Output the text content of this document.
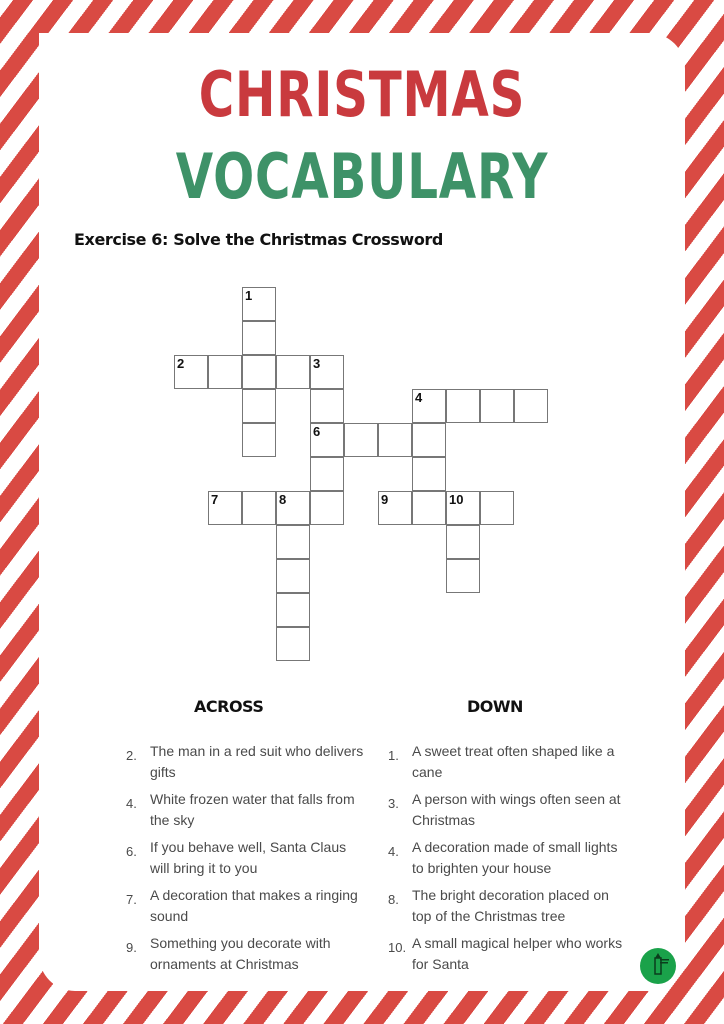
CHRISTMAS
VOCABULARY
Exercise 6: Solve the Christmas Crossword
1
2	3
6
4
7	8	9	10
ACROSS	DOWN
2. The man in a red suit who delivers gifts
4. White frozen water that falls from the sky
6. If you behave well, Santa Claus will bring it to you
7. A decoration that makes a ringing sound
9. Something you decorate with ornaments at Christmas
1. A sweet treat often shaped like a cane
3. A person with wings often seen at Christmas
4. A decoration made of small lights to brighten your house
8. The bright decoration placed on top of the Christmas tree
10. A small magical helper who works for Santa
